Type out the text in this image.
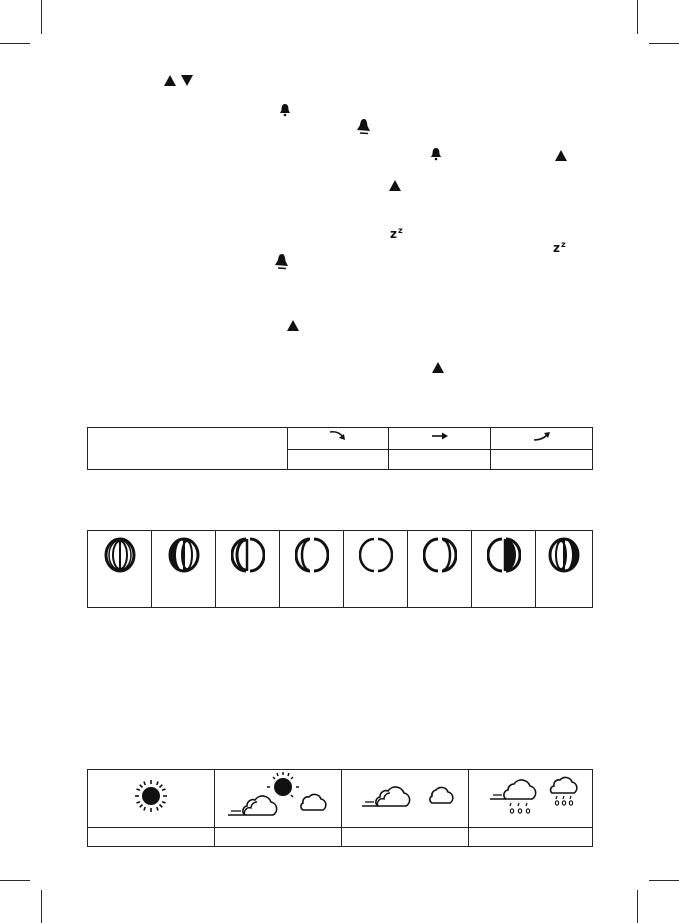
z z
z z
